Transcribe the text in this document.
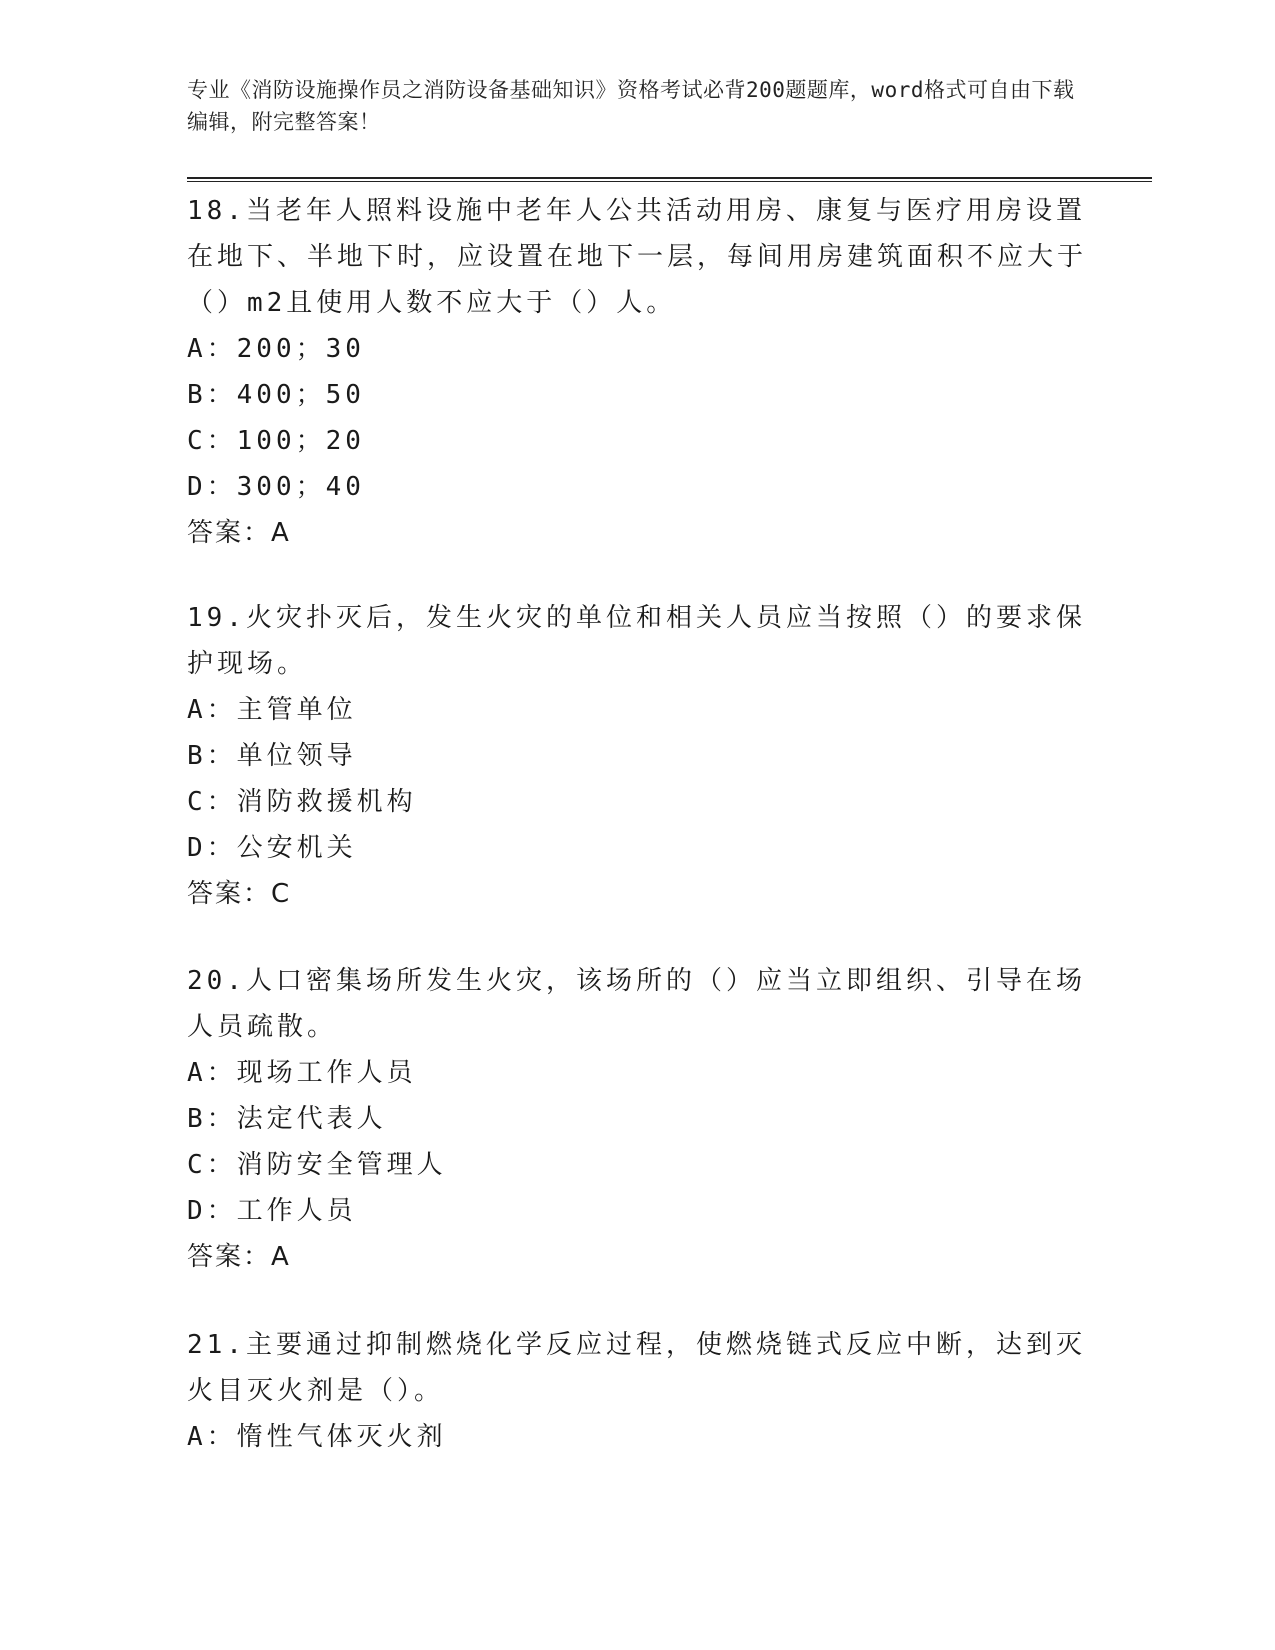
专业《消防设施操作员之消防设备基础知识》资格考试必背200题题库，word格式可自由下载编辑，附完整答案！

18.当老年人照料设施中老年人公共活动用房、康复与医疗用房设置在地下、半地下时，应设置在地下一层，每间用房建筑面积不应大于（）m2且使用人数不应大于（）人。

A：200；30

B：400；50

C：100；20

D：300；40

答案：A

19.火灾扑灭后，发生火灾的单位和相关人员应当按照（）的要求保护现场。

A：主管单位

B：单位领导

C：消防救援机构

D：公安机关

答案：C

20.人口密集场所发生火灾，该场所的（）应当立即组织、引导在场人员疏散。

A：现场工作人员

B：法定代表人

C：消防安全管理人

D：工作人员

答案：A

21.主要通过抑制燃烧化学反应过程，使燃烧链式反应中断，达到灭火目灭火剂是（）。

A：惰性气体灭火剂
